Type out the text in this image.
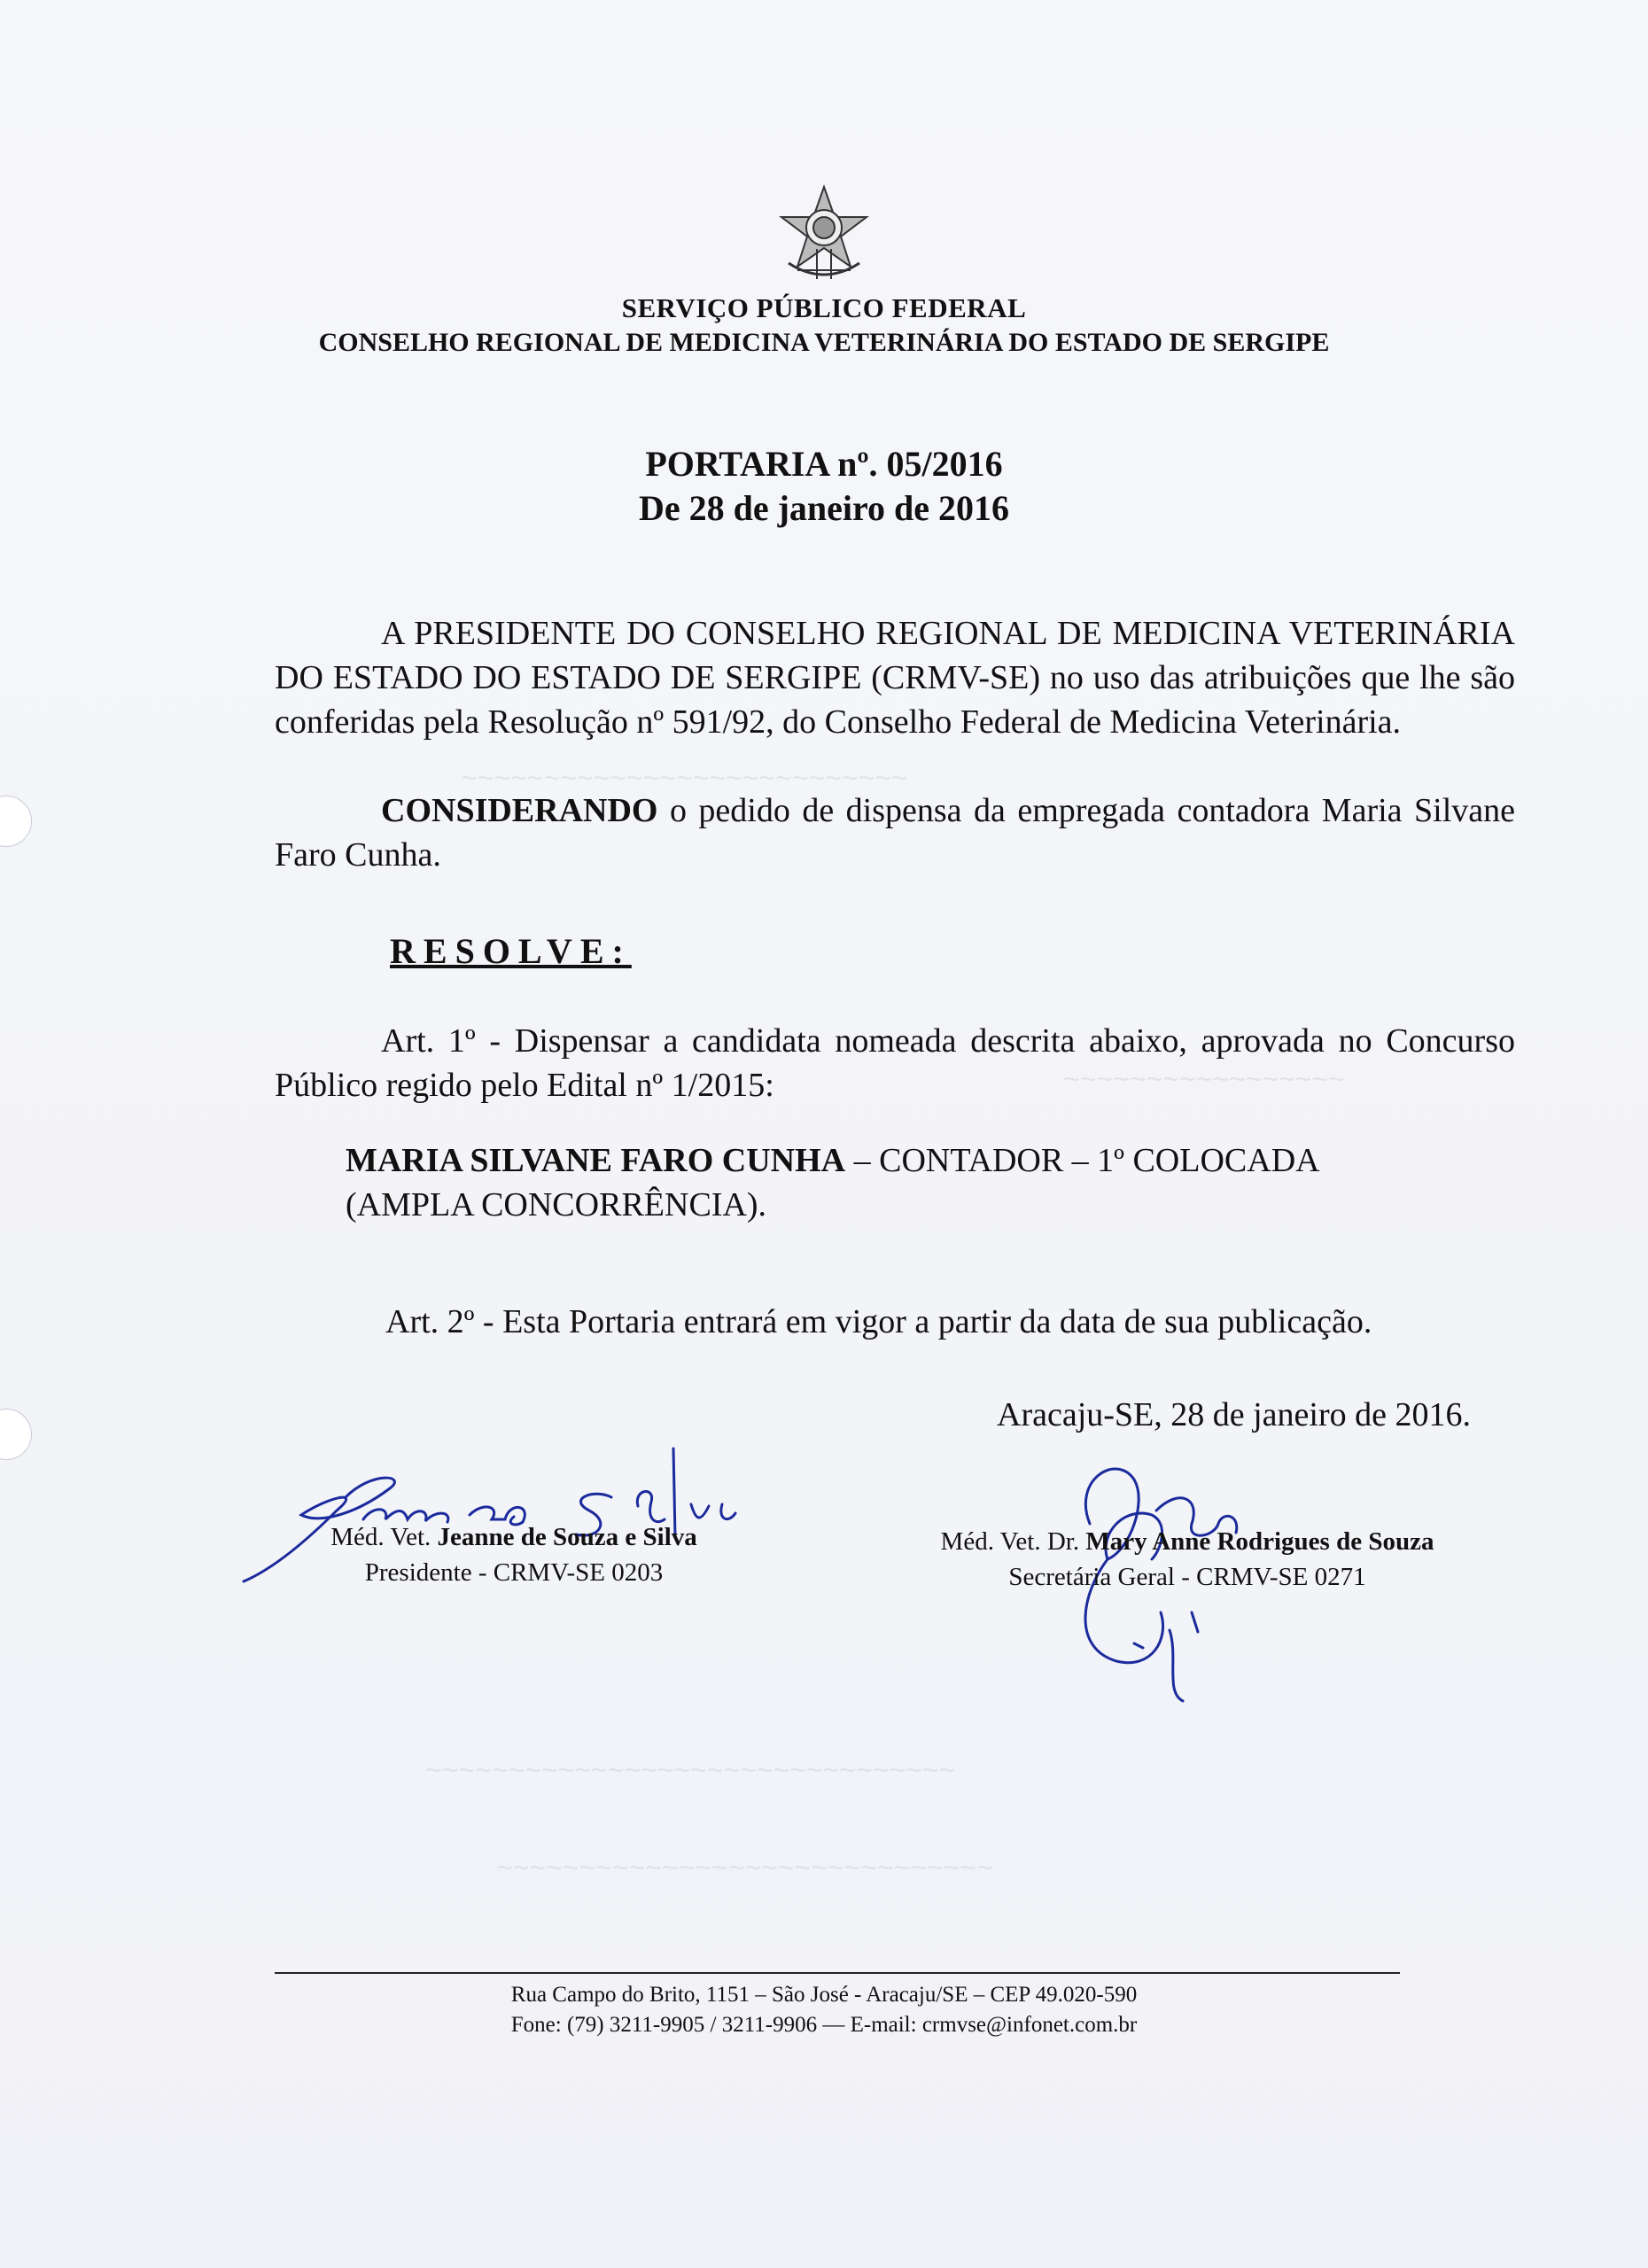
~~~~~~~~~~~~~~~~~~~~~~~~~~~
~~~~~~~~~~~~~~~~~
~~~~~~~~~~~~~~~~~~~~~~~~~~~~~~~~
~~~~~~~~~~~~~~~~~~~~~~~~~~~~~~
SERVIÇO PÚBLICO FEDERAL
CONSELHO REGIONAL DE MEDICINA VETERINÁRIA DO ESTADO DE SERGIPE
PORTARIA nº. 05/2016
De 28 de janeiro de 2016
A PRESIDENTE DO CONSELHO REGIONAL DE MEDICINA VETERINÁRIA DO ESTADO DO ESTADO DE SERGIPE (CRMV-SE) no uso das atribuições que lhe são conferidas pela Resolução nº 591/92, do Conselho Federal de Medicina Veterinária.
CONSIDERANDO o pedido de dispensa da empregada contadora Maria Silvane Faro Cunha.
RESOLVE:
Art. 1º - Dispensar a candidata nomeada descrita abaixo, aprovada no Concurso Público regido pelo Edital nº 1/2015:
MARIA SILVANE FARO CUNHA – CONTADOR – 1º COLOCADA
(AMPLA CONCORRÊNCIA).
Art. 2º - Esta Portaria entrará em vigor a partir da data de sua publicação.
Aracaju-SE, 28 de janeiro de 2016.
Méd. Vet. Jeanne de Souza e Silva
Presidente - CRMV-SE 0203
Méd. Vet. Dr. Mary Anne Rodrigues de Souza
Secretária Geral - CRMV-SE 0271
Rua Campo do Brito, 1151 – São José - Aracaju/SE – CEP 49.020-590
Fone: (79) 3211-9905 / 3211-9906 — E-mail: crmvse@infonet.com.br
